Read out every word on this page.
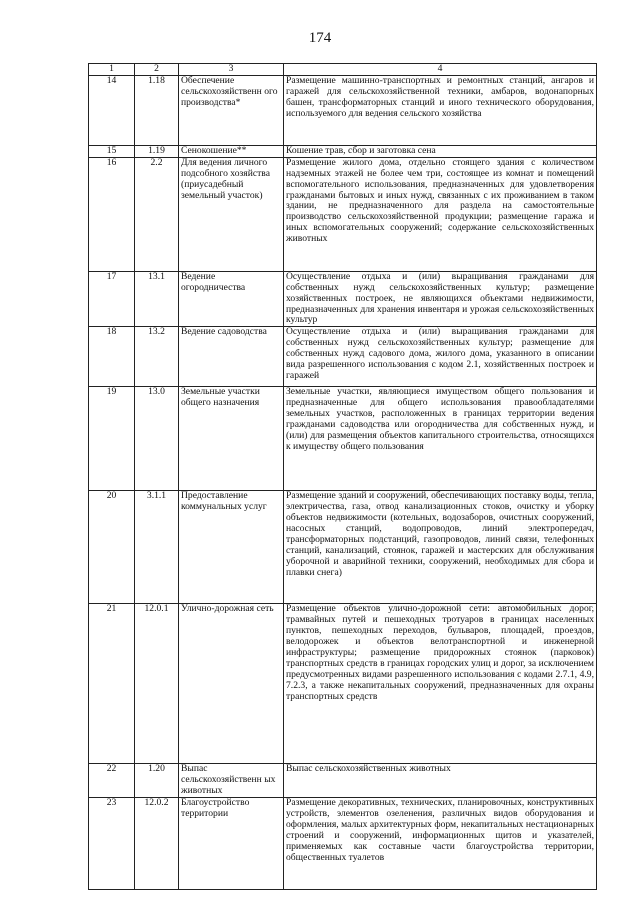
174
1	2	3	4
14	1.18	Обеспечение сельскохозяйственн ого производства*	Размещение машинно-транспортных и ремонтных станций, ангаров и гаражей для сельскохозяйственной техники, амбаров, водонапорных башен, трансформаторных станций и иного технического оборудования, используемого для ведения сельского хозяйства
15	1.19	Сенокошение**	Кошение трав, сбор и заготовка сена
16	2.2	Для ведения личного подсобного хозяйства (приусадебный земельный участок)	Размещение жилого дома, отдельно стоящего здания с количеством надземных этажей не более чем три, состоящее из комнат и помещений вспомогательного использования, предназначенных для удовлетворения гражданами бытовых и иных нужд, связанных с их проживанием в таком здании, не предназначенного для раздела на самостоятельные производство сельскохозяйственной продукции; размещение гаража и иных вспомогательных сооружений; содержание сельскохозяйственных животных
17	13.1	Ведение огородничества	Осуществление отдыха и (или) выращивания гражданами для собственных нужд сельскохозяйственных культур; размещение хозяйственных построек, не являющихся объектами недвижимости, предназначенных для хранения инвентаря и урожая сельскохозяйственных культур
18	13.2	Ведение садоводства	Осуществление отдыха и (или) выращивания гражданами для собственных нужд сельскохозяйственных культур; размещение для собственных нужд садового дома, жилого дома, указанного в описании вида разрешенного использования с кодом 2.1, хозяйственных построек и гаражей
19	13.0	Земельные участки общего назначения	Земельные участки, являющиеся имуществом общего пользования и предназначенные для общего использования правообладателями земельных участков, расположенных в границах территории ведения гражданами садоводства или огородничества для собственных нужд, и (или) для размещения объектов капитального строительства, относящихся к имуществу общего пользования
20	3.1.1	Предоставление коммунальных услуг	Размещение зданий и сооружений, обеспечивающих поставку воды, тепла, электричества, газа, отвод канализационных стоков, очистку и уборку объектов недвижимости (котельных, водозаборов, очистных сооружений, насосных станций, водопроводов, линий электропередач, трансформаторных подстанций, газопроводов, линий связи, телефонных станций, канализаций, стоянок, гаражей и мастерских для обслуживания уборочной и аварийной техники, сооружений, необходимых для сбора и плавки снега)
21	12.0.1	Улично-дорожная сеть	Размещение объектов улично-дорожной сети: автомобильных дорог, трамвайных путей и пешеходных тротуаров в границах населенных пунктов, пешеходных переходов, бульваров, площадей, проездов, велодорожек и объектов велотранспортной и инженерной инфраструктуры; размещение придорожных стоянок (парковок) транспортных средств в границах городских улиц и дорог, за исключением предусмотренных видами разрешенного использования с кодами 2.7.1, 4.9, 7.2.3, а также некапитальных сооружений, предназначенных для охраны транспортных средств
22	1.20	Выпас сельскохозяйственн ых животных	Выпас сельскохозяйственных животных
23	12.0.2	Благоустройство территории	Размещение декоративных, технических, планировочных, конструктивных устройств, элементов озеленения, различных видов оборудования и оформления, малых архитектурных форм, некапитальных нестационарных строений и сооружений, информационных щитов и указателей, применяемых как составные части благоустройства территории, общественных туалетов
